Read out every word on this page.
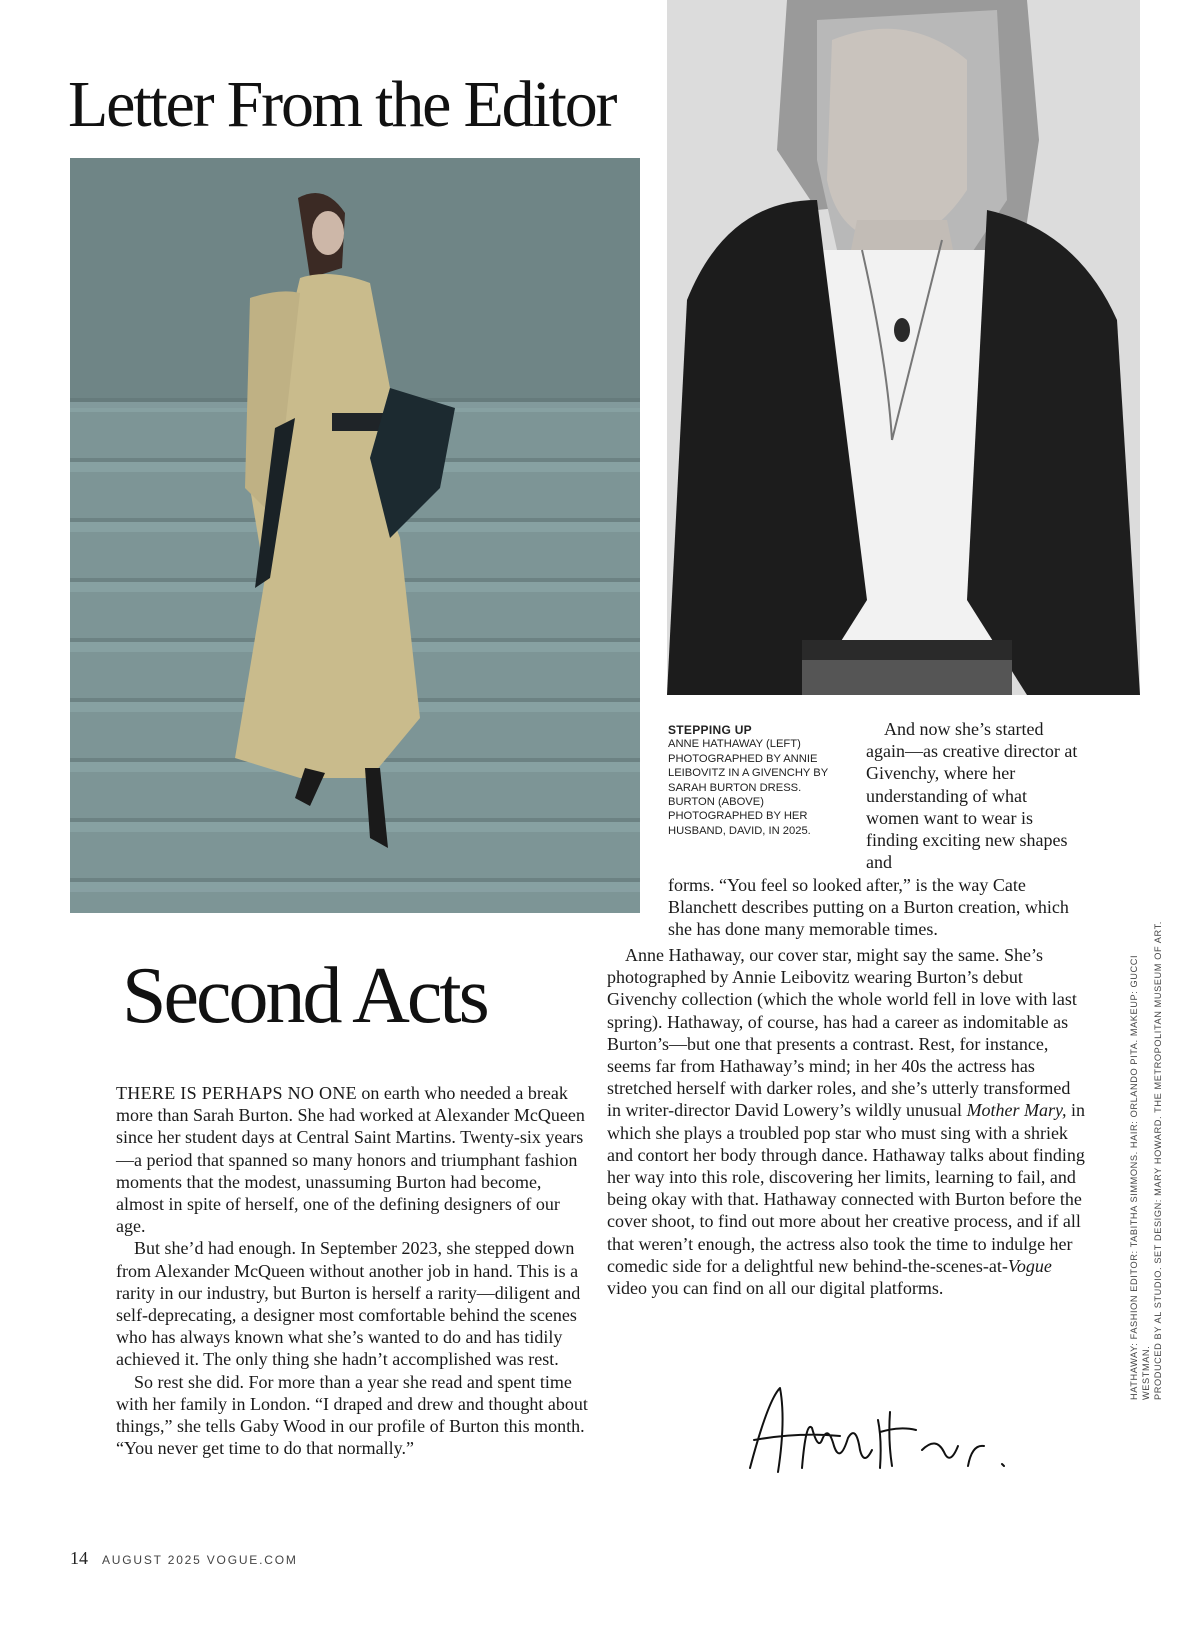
Letter From the Editor
STEPPING UP
ANNE HATHAWAY (LEFT) PHOTOGRAPHED BY ANNIE LEIBOVITZ IN A GIVENCHY BY SARAH BURTON DRESS. BURTON (ABOVE) PHOTOGRAPHED BY HER HUSBAND, DAVID, IN 2025.

And now she’s started again—as creative director at Givenchy, where her understanding of what women want to wear is finding exciting new shapes and

forms. “You feel so looked after,” is the way Cate Blanchett describes putting on a Burton creation, which she has done many memorable times.

Second Acts

THERE IS PERHAPS NO ONE on earth who needed a break more than Sarah Burton. She had worked at Alexander McQueen since her student days at Central Saint Martins. Twenty-six years—a period that spanned so many honors and triumphant fashion moments that the modest, unassuming Burton had become, almost in spite of herself, one of the defining designers of our age.

But she’d had enough. In September 2023, she stepped down from Alexander McQueen without another job in hand. This is a rarity in our industry, but Burton is herself a rarity—diligent and self-deprecating, a designer most comfortable behind the scenes who has always known what she’s wanted to do and has tidily achieved it. The only thing she hadn’t accomplished was rest.

So rest she did. For more than a year she read and spent time with her family in London. “I draped and drew and thought about things,” she tells Gaby Wood in our profile of Burton this month. “You never get time to do that normally.”

Anne Hathaway, our cover star, might say the same. She’s photographed by Annie Leibovitz wearing Burton’s debut Givenchy collection (which the whole world fell in love with last spring). Hathaway, of course, has had a career as indomitable as Burton’s—but one that presents a contrast. Rest, for instance, seems far from Hathaway’s mind; in her 40s the actress has stretched herself with darker roles, and she’s utterly transformed in writer-director David Lowery’s wildly unusual Mother Mary, in which she plays a troubled pop star who must sing with a shriek and contort her body through dance. Hathaway talks about finding her way into this role, discovering her limits, learning to fail, and being okay with that. Hathaway connected with Burton before the cover shoot, to find out more about her creative process, and if all that weren’t enough, the actress also took the time to indulge her comedic side for a delightful new behind-the-scenes-at-Vogue video you can find on all our digital platforms.	HATHAWAY: FASHION EDITOR: TABITHA SIMMONS. HAIR: ORLANDO PITA. MAKEUP: GUCCI WESTMAN. PRODUCED BY AL STUDIO. SET DESIGN: MARY HOWARD. THE METROPOLITAN MUSEUM OF ART.
14 AUGUST 2025 VOGUE.COM
